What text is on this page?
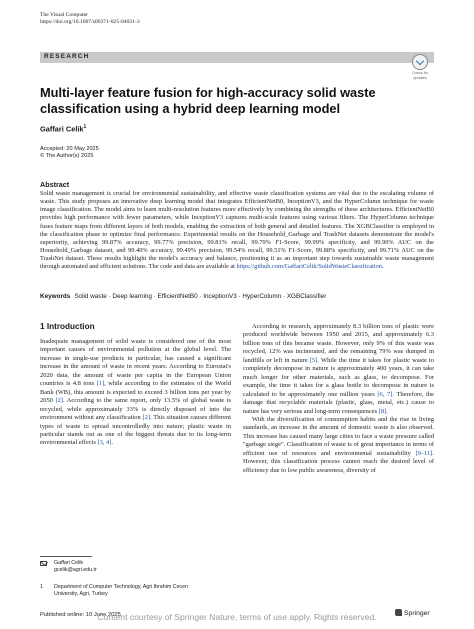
The Visual Computer
https://doi.org/10.1007/s00371-025-04031-3
RESEARCH
Check for
updates
Multi-layer feature fusion for high-accuracy solid waste classification using a hybrid deep learning model
Gaffari Celik$^1$
Accepted: 20 May 2025
© The Author(s) 2025
Abstract
Solid waste management is crucial for environmental sustainability, and effective waste classification systems are vital due to the escalating volume of waste. This study proposes an innovative deep learning model that integrates EfficientNetB0, InceptionV3, and the HyperColumn technique for waste image classification. The model aims to learn multi-resolution features more effectively by combining the strengths of these architectures. EfficientNetB0 provides high performance with fewer parameters, while InceptionV3 captures multi-scale features using various filters. The HyperColumn technique fuses feature maps from different layers of both models, enabling the extraction of both general and detailed features. The XGBClassifier is employed in the classification phase to optimize final performance. Experimental results on the Household_Garbage and TrashNet datasets demonstrate the model's superiority, achieving 99.87% accuracy, 99.77% precision, 99.81% recall, 99.79% F1-Score, 99.99% specificity, and 99.90% AUC on the Household_Garbage dataset, and 99.40% accuracy, 99.49% precision, 99.54% recall, 99.51% F1-Score, 99.88% specificity, and 99.71% AUC on the TrashNet dataset. These results highlight the model's accuracy and balance, positioning it as an important step towards sustainable waste management through automated and efficient solutions. The code and data are available at https://github.com/GaffariCelik/SolidWasteClassification.
Keywords Solid waste · Deep learning · EfficientNetB0 · InceptionV3 · HyperColumn · XGBClassifier
1 Introduction

Inadequate management of solid waste is considered one of the most important causes of environmental pollution at the global level. The increase in single-use products in particular, has caused a significant increase in the amount of waste in recent years. According to Eurostat's 2020 data, the amount of waste per capita in the European Union countries is 4.8 tons [1], while according to the estimates of the World Bank (WB), this amount is expected to exceed 3 billion tons per year by 2050 [2]. According to the same report, only 13.5% of global waste is recycled, while approximately 33% is directly disposed of into the environment without any classification [2]. This situation causes different types of waste to spread uncontrolledly into nature; plastic waste in particular stands out as one of the biggest threats due to its long-term environmental effects [3, 4].

According to research, approximately 8.3 billion tons of plastic were produced worldwide between 1950 and 2015, and approximately 6.3 billion tons of this became waste. However, only 9% of this waste was recycled, 12% was incinerated, and the remaining 79% was dumped in landfills or left in nature [5]. While the time it takes for plastic waste to completely decompose in nature is approximately 400 years, it can take much longer for other materials, such as glass, to decompose. For example, the time it takes for a glass bottle to decompose in nature is calculated to be approximately one million years [6, 7]. Therefore, the damage that recyclable materials (plastic, glass, metal, etc.) cause to nature has very serious and long-term consequences [8].

With the diversification of consumption habits and the rise in living standards, an increase in the amount of domestic waste is also observed. This increase has caused many large cities to face a waste pressure called "garbage siege". Classification of waste is of great importance in terms of efficient use of resources and environmental sustainability [9–11]. However, this classification process cannot reach the desired level of efficiency due to low public awareness, diversity of

Gaffari Celik
gcelik@agri.edu.tr
1	Department of Computer Technology, Agri Ibrahim Cecen
University, Agri, Turkey
Published online: 10 June 2025	Springer
Content courtesy of Springer Nature, terms of use apply. Rights reserved.
